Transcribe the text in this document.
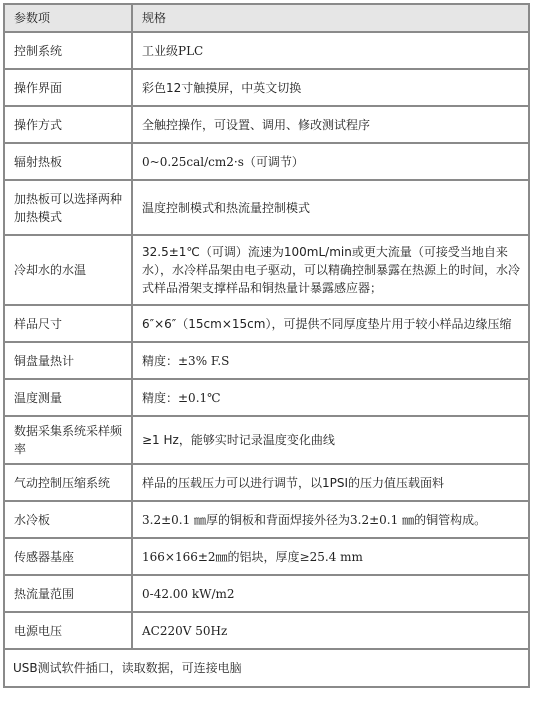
参数项	规格
控制系统	工业级PLC
操作界面	彩色12寸触摸屏，中英文切换
操作方式	全触控操作，可设置、调用、修改测试程序
辐射热板	0~0.25cal/cm2·s（可调节）
加热板可以选择两种加热模式	温度控制模式和热流量控制模式
冷却水的水温	32.5±1℃（可调）流速为100mL/min或更大流量（可接受当地自来水），水冷样品架由电子驱动，可以精确控制暴露在热源上的时间，水冷式样品滑架支撑样品和铜热量计暴露感应器；
样品尺寸	6″×6″（15cm×15cm），可提供不同厚度垫片用于较小样品边缘压缩
铜盘量热计	精度：±3% F.S
温度测量	精度：±0.1℃
数据采集系统采样频率	≥1 Hz，能够实时记录温度变化曲线
气动控制压缩系统	样品的压载压力可以进行调节，以1PSI的压力值压载面料
水冷板	3.2±0.1 ㎜厚的铜板和背面焊接外径为3.2±0.1 ㎜的铜管构成。
传感器基座	166×166±2㎜的铝块，厚度≥25.4 mm
热流量范围	0-42.00 kW/m2
电源电压	AC220V 50Hz
USB测试软件插口，读取数据，可连接电脑	
